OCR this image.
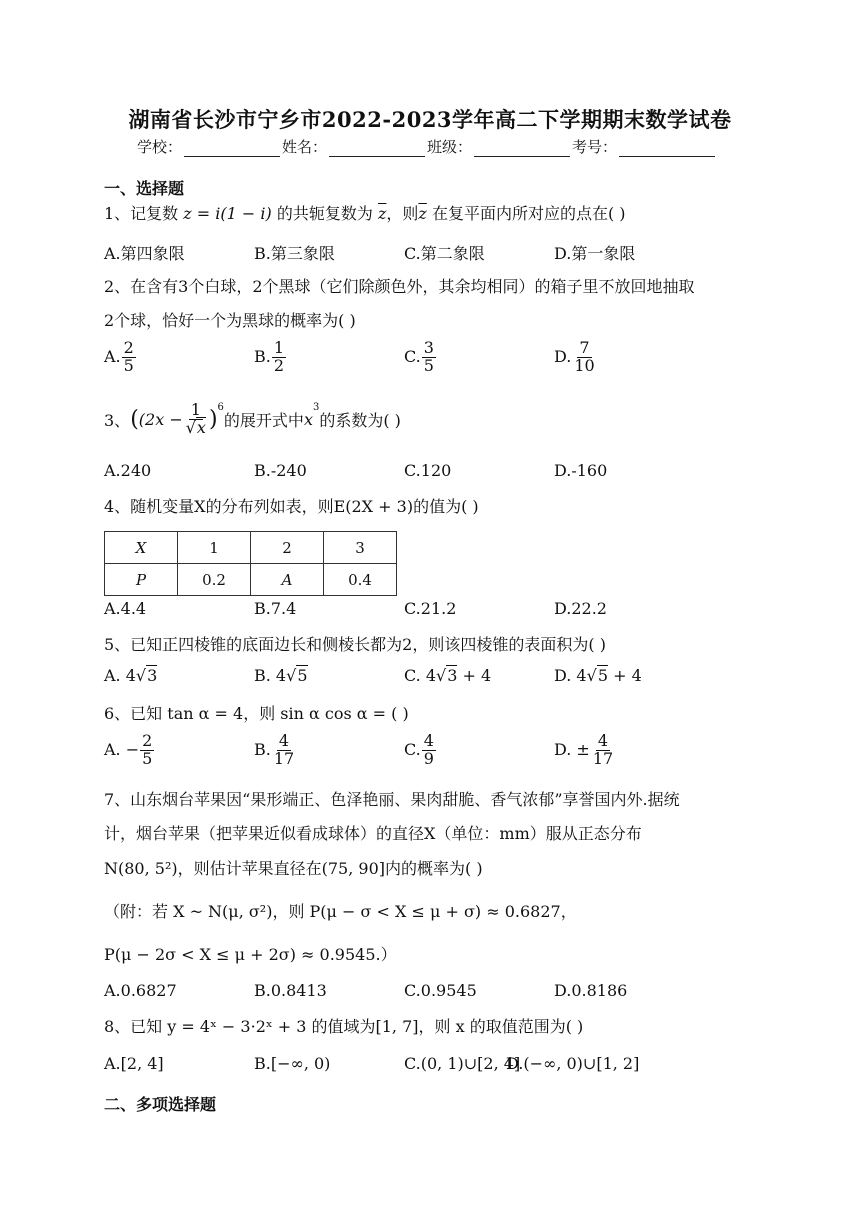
湖南省长沙市宁乡市2022-2023学年高二下学期期末数学试卷
学校：	姓名：	班级：	考号：
一、选择题
1、记复数 z = i(1 − i) 的共轭复数为 $\overline{z}$，则$\overline{z}$ 在复平面内所对应的点在( )
A.第四象限	B.第三象限	C.第二象限	D.第一象限
2、在含有3个白球，2个黑球（它们除颜色外，其余均相同）的箱子里不放回地抽取
2个球，恰好一个为黑球的概率为( )
A. $\frac{2}{5}$	B. $\frac{1}{2}$	C. $\frac{3}{5}$	D. $\frac{7}{10}$
3、 ( $(2x - \frac{1}{√x} )^6$
的展开式中 x
$^3$
的系数为( )
A.240	B.-240	C.120	D.-160
4、随机变量X的分布列如表，则E(2X + 3)的值为( )
X	1	2	3
P	0.2	A	0.4
A.4.4	B.7.4	C.21.2	D.22.2
5、已知正四棱锥的底面边长和侧棱长都为2，则该四棱锥的表面积为( )
A. 4√3	B. 4√5	C. 4√3 + 4	D. 4√5 + 4
6、已知 tan α = 4，则 sin α cos α = ( )
A. − $\frac{2}{5}$	B. $\frac{4}{17}$	C. $\frac{4}{9}$	D. ± $\frac{4}{17}$
7、山东烟台苹果因“果形端正、色泽艳丽、果肉甜脆、香气浓郁”享誉国内外.据统
计，烟台苹果（把苹果近似看成球体）的直径X（单位：mm）服从正态分布
N(80, 5²)，则估计苹果直径在(75, 90]内的概率为( )
（附：若 X ~ N(μ, σ²)，则 P(μ − σ < X ≤ μ + σ) ≈ 0.6827，
P(μ − 2σ < X ≤ μ + 2σ) ≈ 0.9545.）
A.0.6827	B.0.8413	C.0.9545	D.0.8186
8、已知 y = 4ˣ − 3·2ˣ + 3 的值域为[1, 7]，则 x 的取值范围为( )
A.[2, 4]	B.[−∞, 0)	C.(0, 1)∪[2, 4]
D.(−∞, 0)∪[1, 2]
二、多项选择题
